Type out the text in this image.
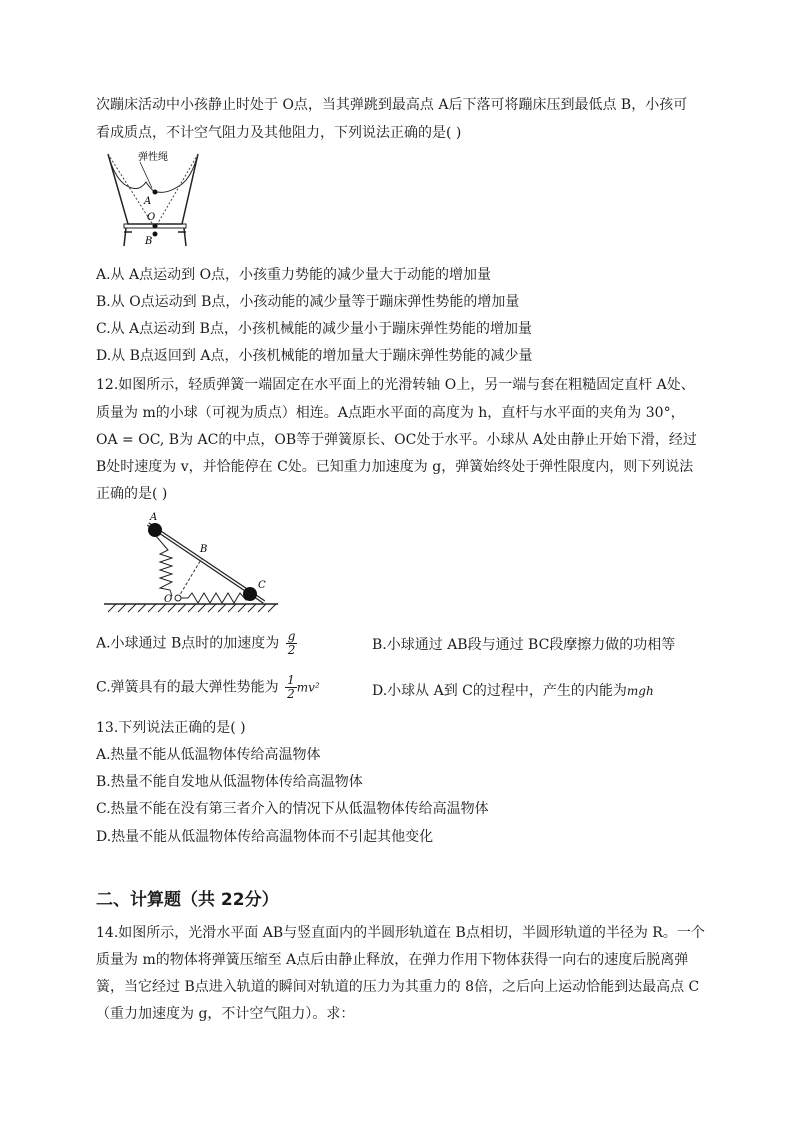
次蹦床活动中小孩静止时处于 O点，当其弹跳到最高点 A后下落可将蹦床压到最低点 B，小孩可
看成质点，不计空气阻力及其他阻力，下列说法正确的是( )
弹性绳
A
O
B
A.从 A点运动到 O点，小孩重力势能的减少量大于动能的增加量
B.从 O点运动到 B点，小孩动能的减少量等于蹦床弹性势能的增加量
C.从 A点运动到 B点，小孩机械能的减少量小于蹦床弹性势能的增加量
D.从 B点返回到 A点，小孩机械能的增加量大于蹦床弹性势能的减少量
12.如图所示，轻质弹簧一端固定在水平面上的光滑转轴 O上，另一端与套在粗糙固定直杆 A处、
质量为 m的小球（可视为质点）相连。A点距水平面的高度为 h，直杆与水平面的夹角为 30°，
OA = OC, B为 AC的中点，OB等于弹簧原长、OC处于水平。小球从 A处由静止开始下滑，经过
B处时速度为 v，并恰能停在 C处。已知重力加速度为 g，弹簧始终处于弹性限度内，则下列说法
正确的是( )
A
B
C
O
A.小球通过 B点时的加速度为 $\frac{g}{2}$	B.小球通过 AB段与通过 BC段摩擦力做的功相等
C.弹簧具有的最大弹性势能为 $\frac{1}{2} mv^2$	D.小球从 A到 C的过程中，产生的内能为mgh
13.下列说法正确的是( )
A.热量不能从低温物体传给高温物体
B.热量不能自发地从低温物体传给高温物体
C.热量不能在没有第三者介入的情况下从低温物体传给高温物体
D.热量不能从低温物体传给高温物体而不引起其他变化
二、计算题（共 22分）
14.如图所示，光滑水平面 AB与竖直面内的半圆形轨道在 B点相切，半圆形轨道的半径为 R。一个
质量为 m的物体将弹簧压缩至 A点后由静止释放，在弹力作用下物体获得一向右的速度后脱离弹
簧，当它经过 B点进入轨道的瞬间对轨道的压力为其重力的 8倍，之后向上运动恰能到达最高点 C
（重力加速度为 g，不计空气阻力）。求：
